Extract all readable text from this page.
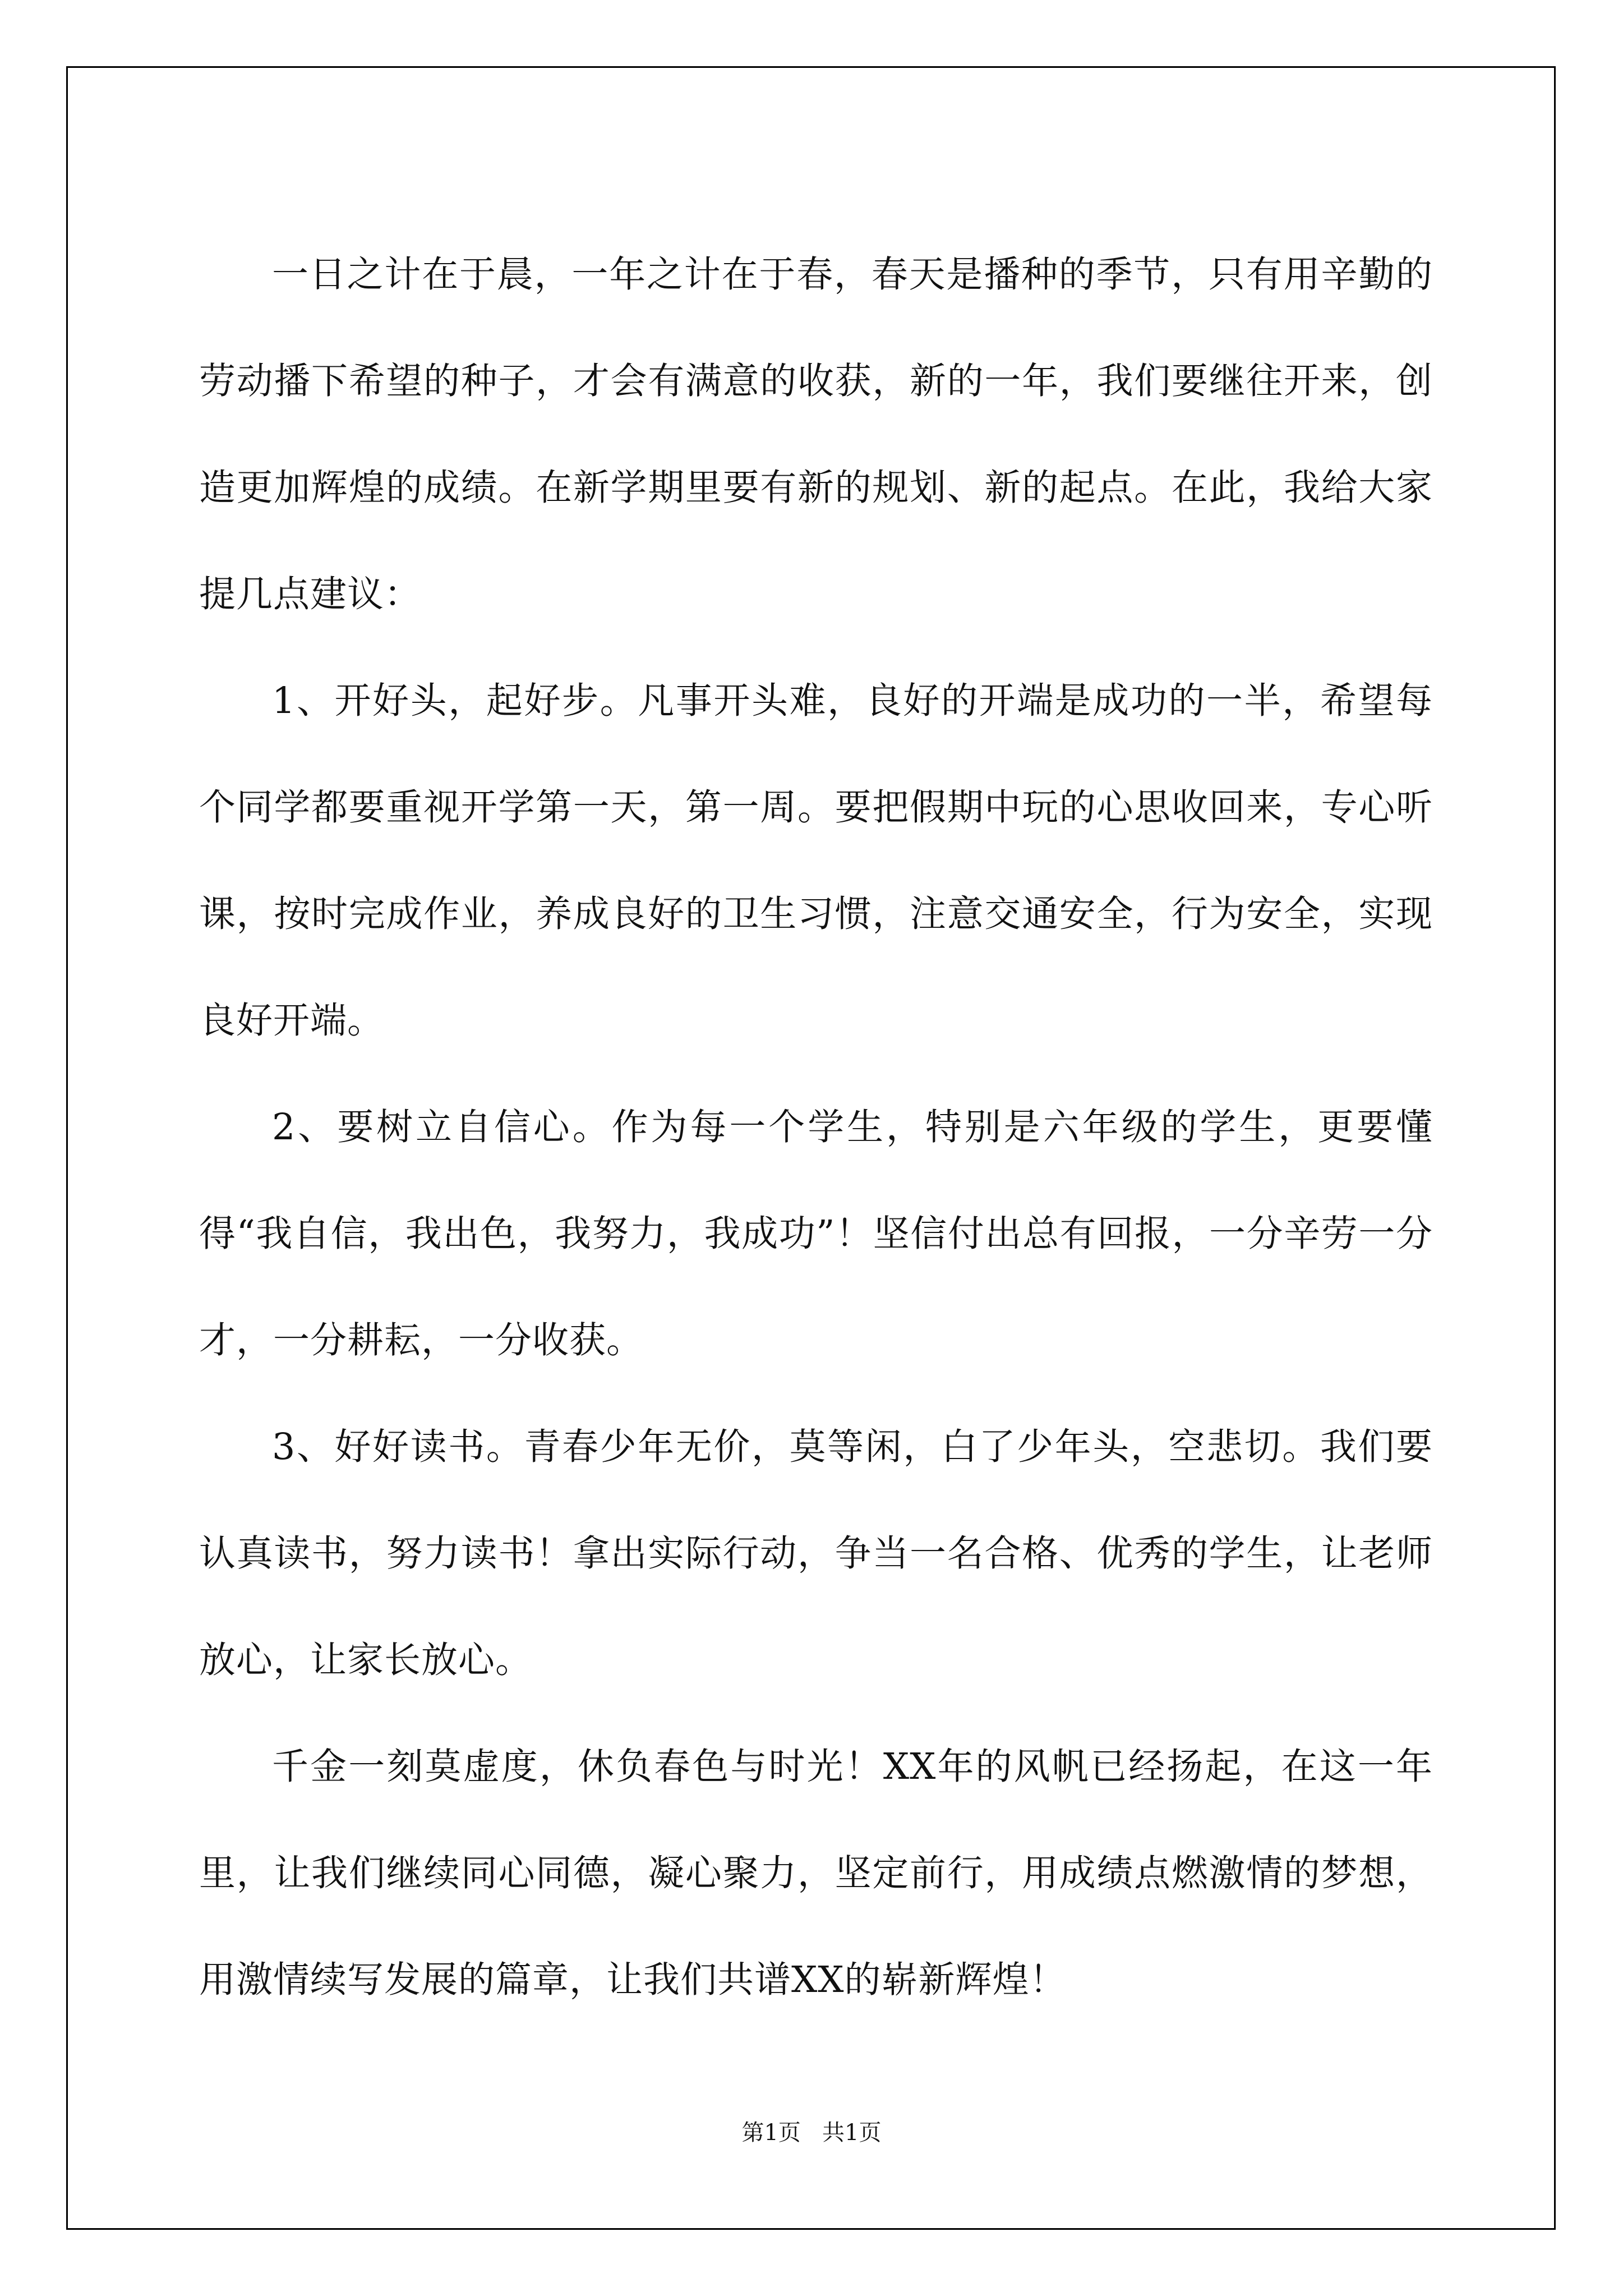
一日之计在于晨，一年之计在于春，春天是播种的季节，只有用辛勤的劳动播下希望的种子，才会有满意的收获，新的一年，我们要继往开来，创造更加辉煌的成绩。在新学期里要有新的规划、新的起点。在此，我给大家提几点建议：

1、开好头，起好步。凡事开头难，良好的开端是成功的一半，希望每个同学都要重视开学第一天，第一周。要把假期中玩的心思收回来，专心听课，按时完成作业，养成良好的卫生习惯，注意交通安全，行为安全，实现良好开端。

2、要树立自信心。作为每一个学生，特别是六年级的学生，更要懂得“我自信，我出色，我努力，我成功”！坚信付出总有回报，一分辛劳一分才，一分耕耘，一分收获。

3、好好读书。青春少年无价，莫等闲，白了少年头，空悲切。我们要认真读书，努力读书！拿出实际行动，争当一名合格、优秀的学生，让老师放心，让家长放心。

千金一刻莫虚度，休负春色与时光！XX年的风帆已经扬起，在这一年里，让我们继续同心同德，凝心聚力，坚定前行，用成绩点燃激情的梦想，用激情续写发展的篇章，让我们共谱XX的崭新辉煌！

第1页   共1页
